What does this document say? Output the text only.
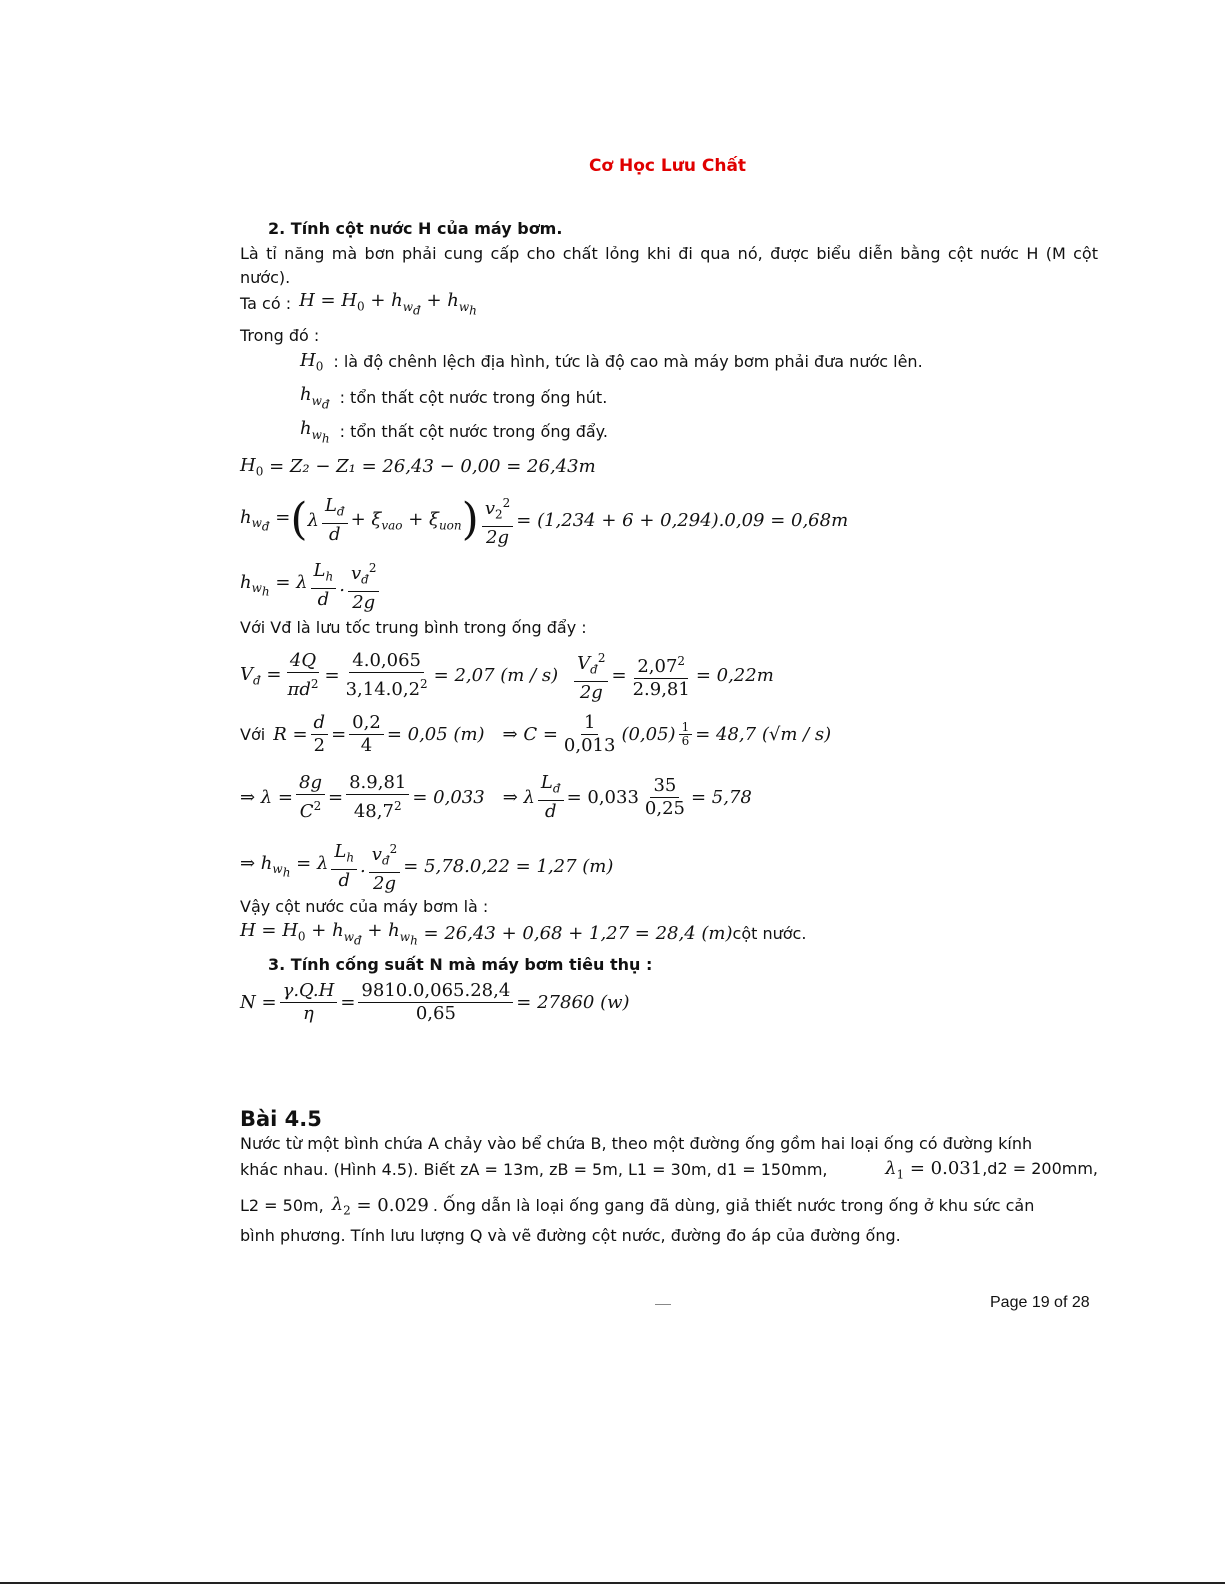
Cơ Học Lưu Chất
2. Tính cột nước H của máy bơm.
Là tỉ năng mà bơn phải cung cấp cho chất lỏng khi đi qua nó, được biểu diễn bằng cột nước H (M cột nước).
Ta có : $H = H_0 + h_{w_đ} + h_{w_h}$
Trong đó :
$H_0$ : là độ chênh lệch địa hình, tức là độ cao mà máy bơm phải đưa nước lên.
$h_{w_đ}$ : tổn thất cột nước trong ống hút.
$h_{w_h}$ : tổn thất cột nước trong ống đẩy.
$H_0 = Z_2 - Z_1 = 26,43 - 0,00 = 26,43m$
$h_{w_đ}$ = ( λ $\frac{L_đ}{d} + \xi_{vao} + \xi_{uon}$ ) $\frac{v_2^2}{2g} = (1,234 + 6 + 0,294).0,09 = 0,68m$
$h_{w_h} = \lambda \frac{L_h}{d}$ . $\frac{v_đ^2}{2g}$
Với Vđ là lưu tốc trung bình trong ống đẩy :
$V_đ = \frac{4Q}{\pi d^2} = \frac{4.0,065}{3,14.0,2^2} = 2,07$ $(m / s) \frac{V_đ^2}{2g} = \frac{2,07^2}{2.9,81} = 0,22m$
Với $R = \frac{d}{2} = \frac{0,2}{4} = 0,05$ (m) ⇒ $C = \frac{1}{0,013} (0,05) \frac{1}{6} = 48,7$ (√m / s)
⇒ $\lambda = \frac{8g}{C^2} = \frac{8.9,81}{48,7^2} = 0,033$ ⇒ λ $\frac{L_đ}{d} = 0,033 \frac{35}{0,25} = 5,78$
⇒ $h_{w_h} = \lambda \frac{L_h}{d}$ . $\frac{v_đ^2}{2g} = 5,78.0,22 = 1,27$ (m)
Vậy cột nước của máy bơm là :
$H = H_0 + h_{w_đ} + h_{w_h} = 26,43 + 0,68 + 1,27 = 28,4$ (m) cột nước.
3. Tính cống suất N mà máy bơm tiêu thụ :
$N = \frac{\gamma.Q.H}{\eta} = \frac{9810.0,065.28,4}{0,65} = 27860$ (w)
Bài 4.5
Nước từ một bình chứa A chảy vào bể chứa B, theo một đường ống gồm hai loại ống có đường kính
khác nhau. (Hình 4.5). Biết zA = 13m, zB = 5m, L1 = 30m, d1 = 150mm,	$\lambda_1 = 0.031,d2 = 200mm$,
L2 = 50m, $\lambda_2 = 0.029$ . Ống dẫn là loại ống gang đã dùng, giả thiết nước trong ống ở khu sức cản
bình phương. Tính lưu lượng Q và vẽ đường cột nước, đường đo áp của đường ống.
Page 19 of 28
